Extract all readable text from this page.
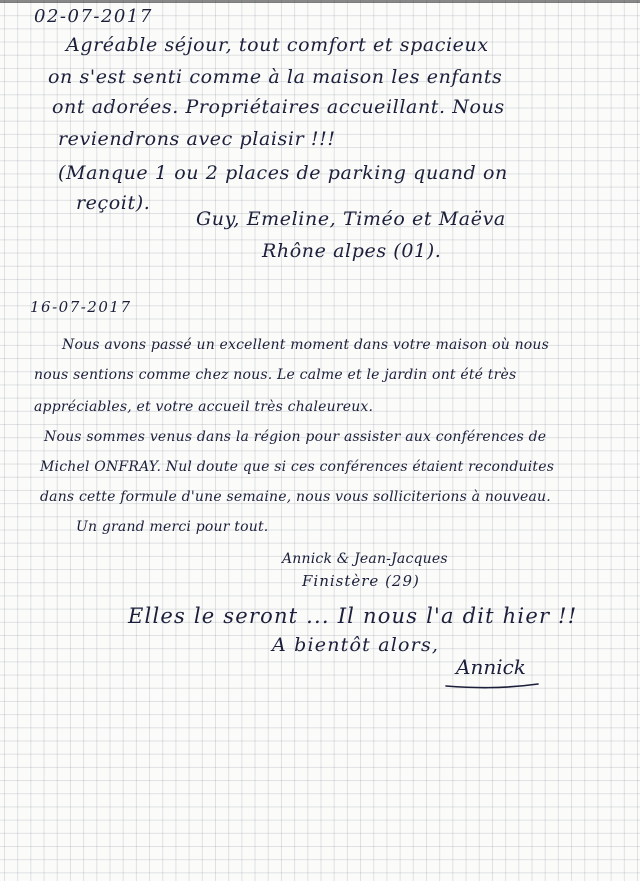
02-07-2017
Agréable séjour, tout comfort et spacieux
on s'est senti comme à la maison les enfants
ont adorées. Propriétaires accueillant. Nous
reviendrons avec plaisir !!!
(Manque 1 ou 2 places de parking quand on
reçoit).
Guy, Emeline, Timéo et Maëva
Rhône alpes (01).
16-07-2017
Nous avons passé un excellent moment dans votre maison où nous
nous sentions comme chez nous. Le calme et le jardin ont été très
appréciables, et votre accueil très chaleureux.
Nous sommes venus dans la région pour assister aux conférences de
Michel ONFRAY. Nul doute que si ces conférences étaient reconduites
dans cette formule d'une semaine, nous vous solliciterions à nouveau.
Un grand merci pour tout.
Annick & Jean-Jacques
Finistère (29)
Elles le seront ... Il nous l'a dit hier !!
A bientôt alors,
Annick
